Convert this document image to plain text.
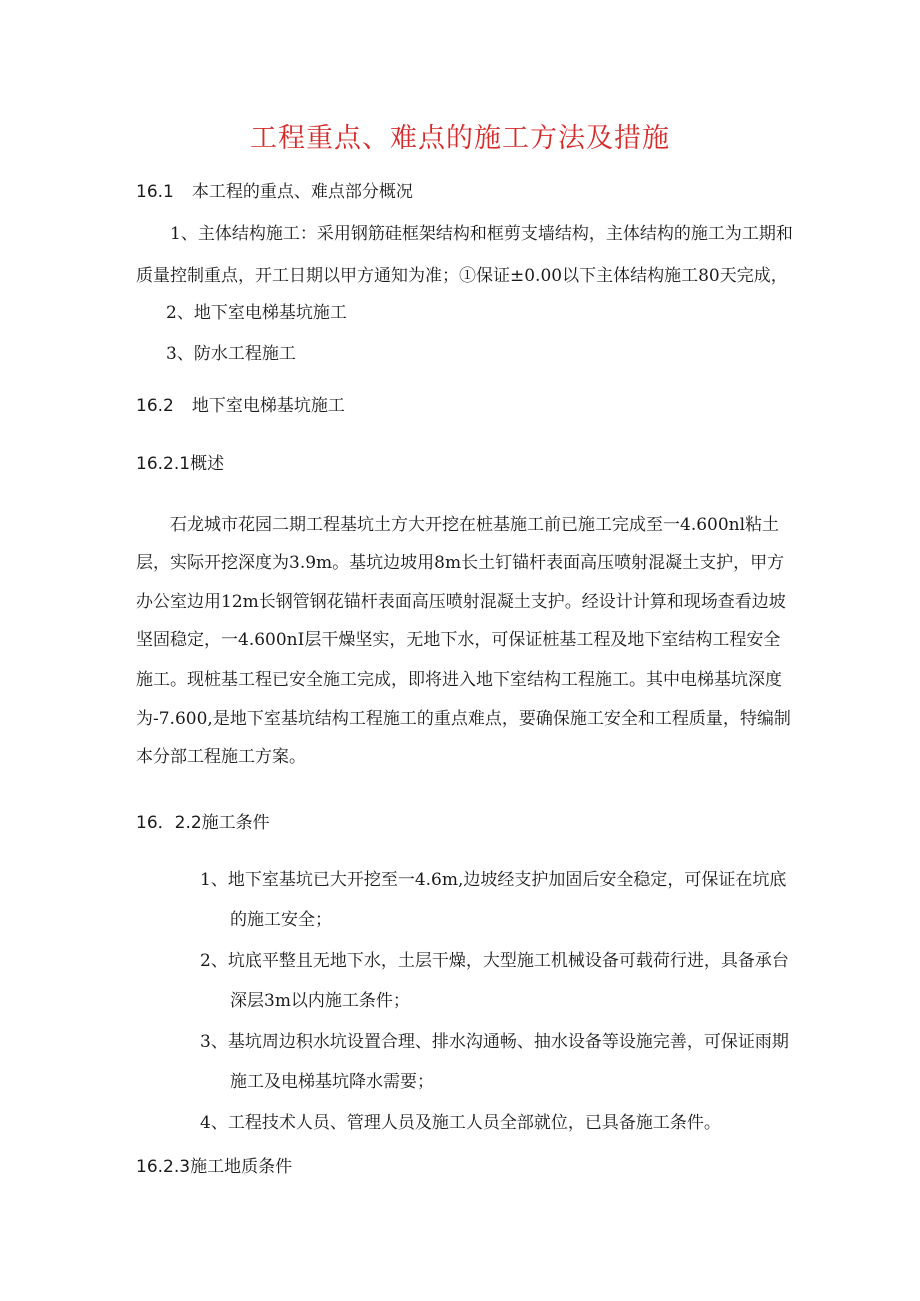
工程重点、难点的施工方法及措施
16.1 本工程的重点、难点部分概况
1、主体结构施工：采用钢筋硅框架结构和框剪支墙结构，主体结构的施工为工期和
质量控制重点，开工日期以甲方通知为准；①保证±0.00以下主体结构施工80天完成，
2、地下室电梯基坑施工
3、防水工程施工
16.2 地下室电梯基坑施工
16.2.1概述
石龙城市花园二期工程基坑土方大开挖在桩基施工前已施工完成至一4.600nl粘土
层，实际开挖深度为3.9m。基坑边坡用8m长土钉锚杆表面高压喷射混凝土支护，甲方
办公室边用12m长钢管钢花锚杆表面高压喷射混凝土支护。经设计计算和现场查看边坡
坚固稳定，一4.600nI层干燥坚实，无地下水，可保证桩基工程及地下室结构工程安全
施工。现桩基工程已安全施工完成，即将进入地下室结构工程施工。其中电梯基坑深度
为-7.600,是地下室基坑结构工程施工的重点难点，要确保施工安全和工程质量，特编制
本分部工程施工方案。
16．2.2施工条件
1、地下室基坑已大开挖至一4.6m,边坡经支护加固后安全稳定，可保证在坑底
的施工安全；
2、坑底平整且无地下水，土层干燥，大型施工机械设备可载荷行进，具备承台
深层3m以内施工条件；
3、基坑周边积水坑设置合理、排水沟通畅、抽水设备等设施完善，可保证雨期
施工及电梯基坑降水需要；
4、工程技术人员、管理人员及施工人员全部就位，已具备施工条件。
16.2.3施工地质条件
